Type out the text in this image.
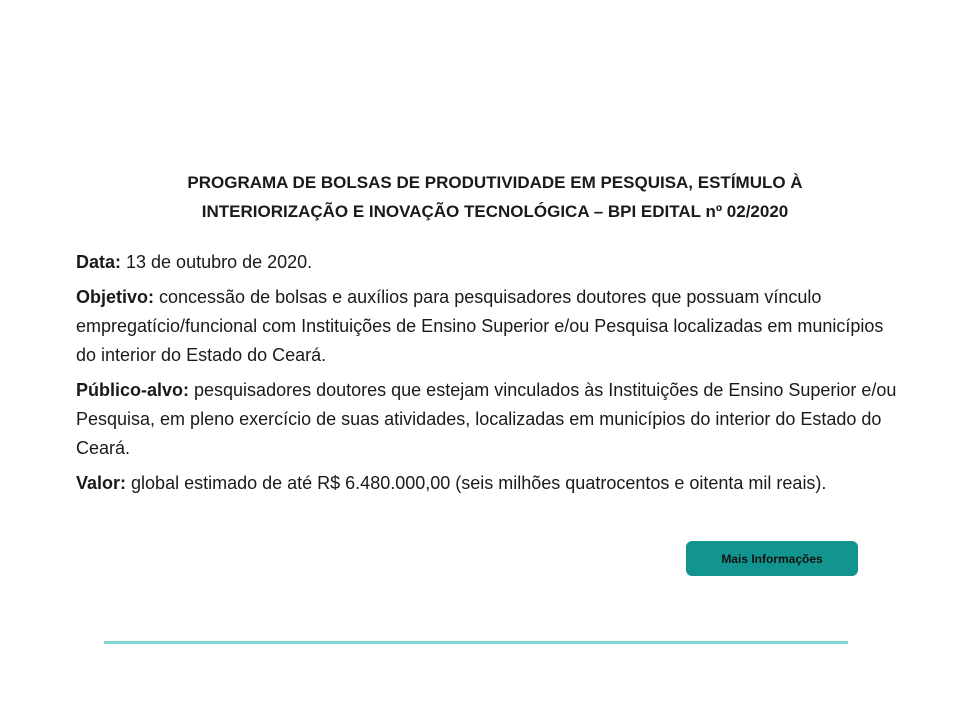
PROGRAMA DE BOLSAS DE PRODUTIVIDADE EM PESQUISA, ESTÍMULO À
INTERIORIZAÇÃO E INOVAÇÃO TECNOLÓGICA – BPI EDITAL nº 02/2020

Data: 13 de outubro de 2020.

Objetivo: concessão de bolsas e auxílios para pesquisadores doutores que possuam vínculo empregatício/funcional com Instituições de Ensino Superior e/ou Pesquisa localizadas em municípios do interior do Estado do Ceará.

Público-alvo: pesquisadores doutores que estejam vinculados às Instituições de Ensino Superior e/ou Pesquisa, em pleno exercício de suas atividades, localizadas em municípios do interior do Estado do Ceará.

Valor: global estimado de até R$ 6.480.000,00 (seis milhões quatrocentos e oitenta mil reais).

Mais Informações
